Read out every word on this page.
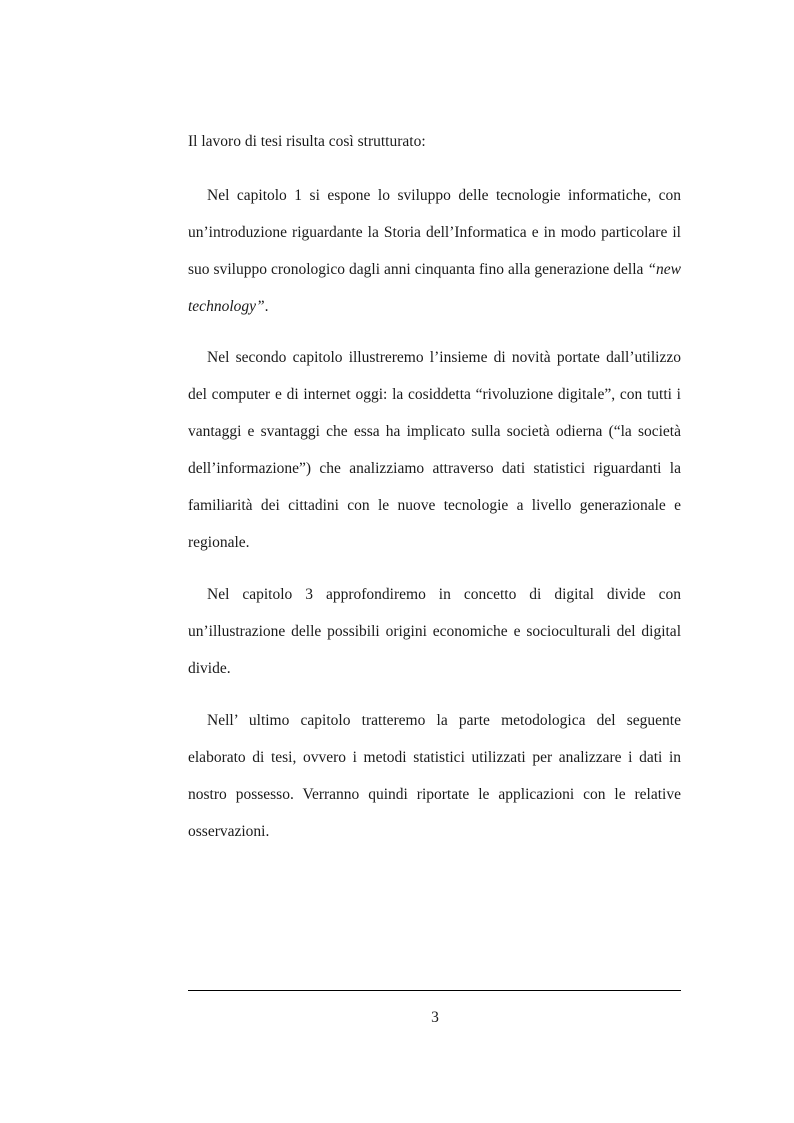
Il lavoro di tesi risulta così strutturato:

Nel capitolo 1 si espone lo sviluppo delle tecnologie informatiche, con un’introduzione riguardante la Storia dell’Informatica e in modo particolare il suo sviluppo cronologico dagli anni cinquanta fino alla generazione della “new technology”.

Nel secondo capitolo illustreremo l’insieme di novità portate dall’utilizzo del computer e di internet oggi: la cosiddetta “rivoluzione digitale”, con tutti i vantaggi e svantaggi che essa ha implicato sulla società odierna (“la società dell’informazione”) che analizziamo attraverso dati statistici riguardanti la familiarità dei cittadini con le nuove tecnologie a livello generazionale e regionale.

Nel capitolo 3 approfondiremo in concetto di digital divide con un’illustrazione delle possibili origini economiche e socioculturali del digital divide.

Nell’ ultimo capitolo tratteremo la parte metodologica del seguente elaborato di tesi, ovvero i metodi statistici utilizzati per analizzare i dati in nostro possesso. Verranno quindi riportate le applicazioni con le relative osservazioni.

3
